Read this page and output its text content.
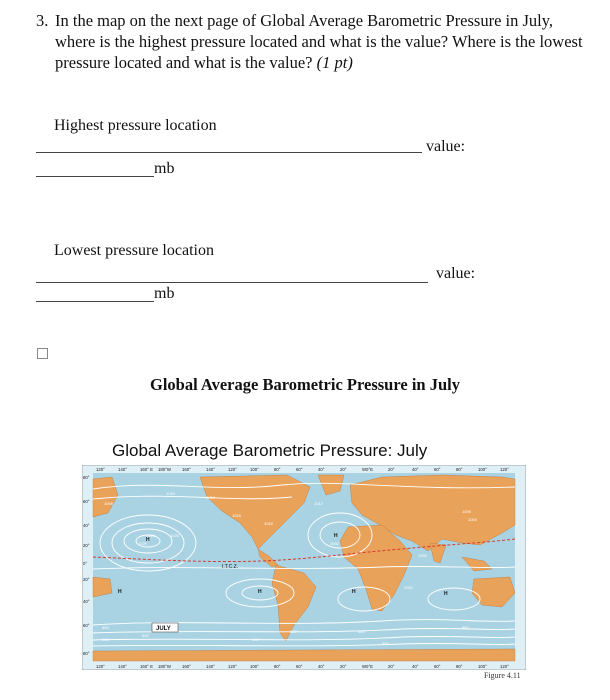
3. In the map on the next page of Global Average Barometric Pressure in July, where is the highest pressure located and what is the value? Where is the lowest pressure located and what is the value? (1 pt)
Highest pressure location
value:
mb
Lowest pressure location
value:
mb
Global Average Barometric Pressure in July
Global Average Barometric Pressure: July
120°	140°	160° E 180°W	160°	140°	120°	100°	80°	60°	40°	20°	W0°E	20°	40°	60°	80°	100°	120°
120°	140°	160° E 180°W	160°	140°	120°	100°	80°	60°	40°	20°	W0°E	20°	40°	60°	80°	100°	120°
80°
60°
40°
20°
0°
20°
40°
60°
80°
1010
1014
1016
1018
1012
1008
1006
1004
1002
1000
1020
1024	1026
1022
996
994
992
990
988
986
982
980
H
H
H	H	H	H
I.T.C.Z.
JULY
Figure 4.11
